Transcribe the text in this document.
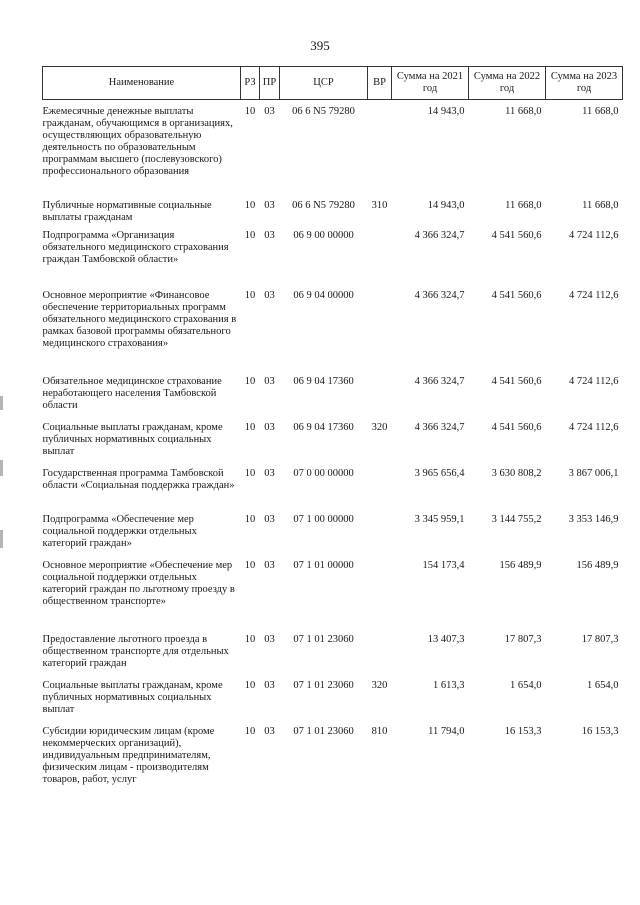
395
Наименование	РЗ	ПР	ЦСР	ВР	Сумма на 2021 год	Сумма на 2022 год	Сумма на 2023 год
Ежемесячные денежные выплаты гражданам, обучающимся в организациях, осуществляющих образовательную деятельность по образовательным программам высшего (послевузовского) профессионального образования	10	03	06 6 N5 79280		14 943,0	11 668,0	11 668,0
Публичные нормативные социальные выплаты гражданам	10	03	06 6 N5 79280	310	14 943,0	11 668,0	11 668,0
Подпрограмма «Организация обязательного медицинского страхования граждан Тамбовской области»	10	03	06 9 00 00000		4 366 324,7	4 541 560,6	4 724 112,6
Основное мероприятие «Финансовое обеспечение территориальных программ обязательного медицинского страхования в рамках базовой программы обязательного медицинского страхования»	10	03	06 9 04 00000		4 366 324,7	4 541 560,6	4 724 112,6
Обязательное медицинское страхование неработающего населения Тамбовской области	10	03	06 9 04 17360		4 366 324,7	4 541 560,6	4 724 112,6
Социальные выплаты гражданам, кроме публичных нормативных социальных выплат	10	03	06 9 04 17360	320	4 366 324,7	4 541 560,6	4 724 112,6
Государственная программа Тамбовской области «Социальная поддержка граждан»	10	03	07 0 00 00000		3 965 656,4	3 630 808,2	3 867 006,1
Подпрограмма «Обеспечение мер социальной поддержки отдельных категорий граждан»	10	03	07 1 00 00000		3 345 959,1	3 144 755,2	3 353 146,9
Основное мероприятие «Обеспечение мер социальной поддержки отдельных категорий граждан по льготному проезду в общественном транспорте»	10	03	07 1 01 00000		154 173,4	156 489,9	156 489,9
Предоставление льготного проезда в общественном транспорте для отдельных категорий граждан	10	03	07 1 01 23060		13 407,3	17 807,3	17 807,3
Социальные выплаты гражданам, кроме публичных нормативных социальных выплат	10	03	07 1 01 23060	320	1 613,3	1 654,0	1 654,0
Субсидии юридическим лицам (кроме некоммерческих организаций), индивидуальным предпринимателям, физическим лицам - производителям товаров, работ, услуг	10	03	07 1 01 23060	810	11 794,0	16 153,3	16 153,3
